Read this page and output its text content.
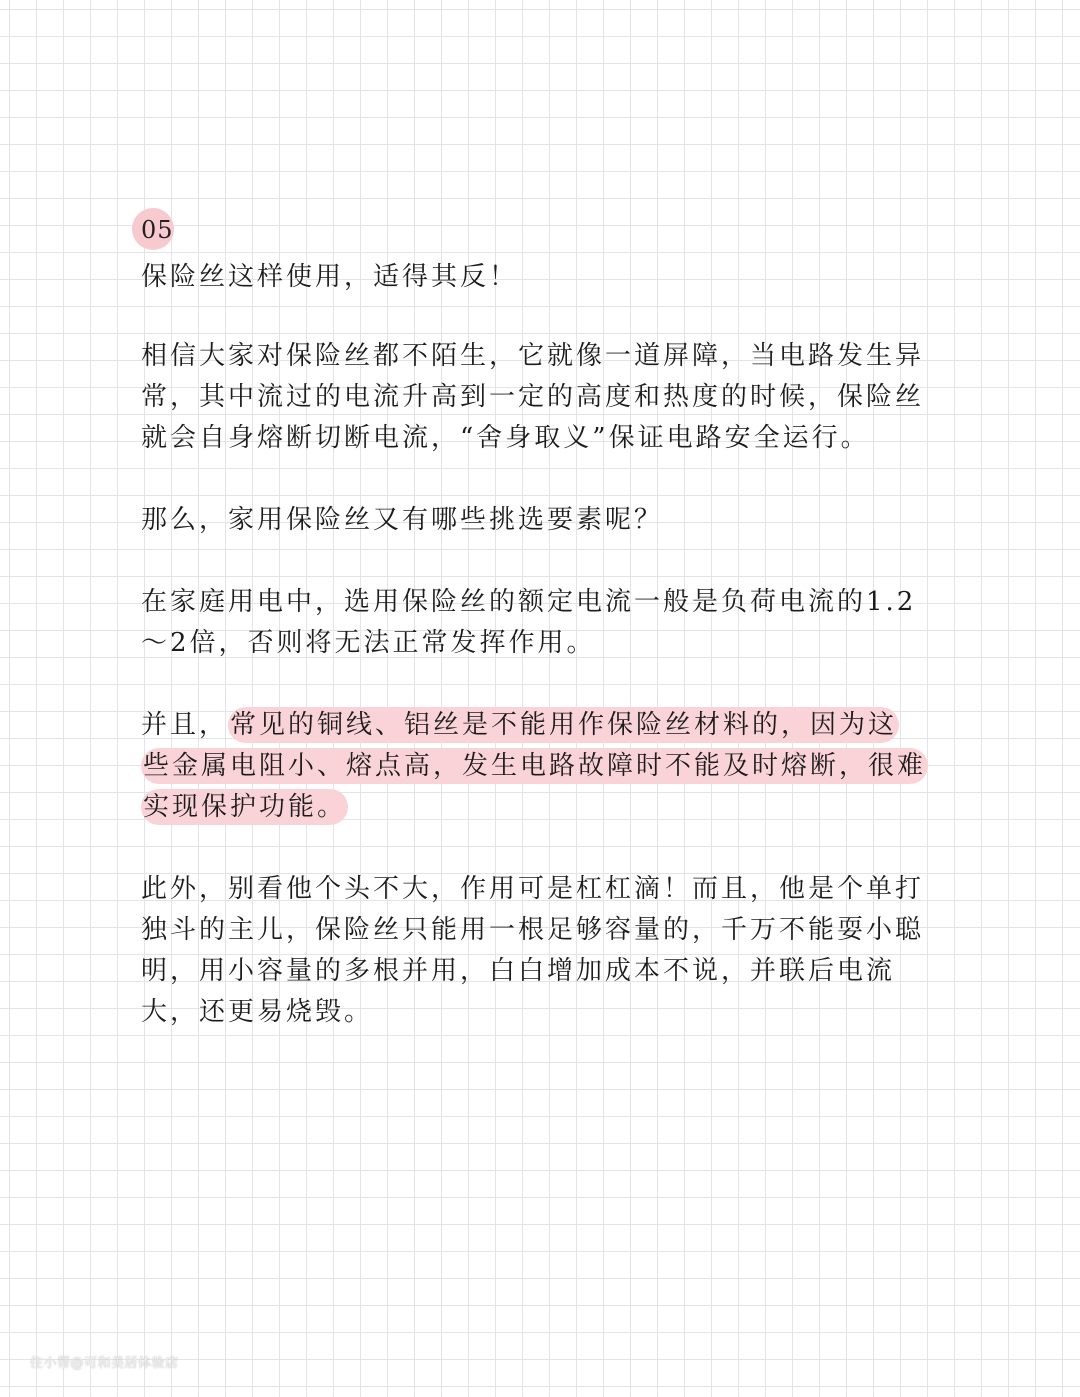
05

保险丝这样使用，适得其反！

相信大家对保险丝都不陌生，它就像一道屏障，当电路发生异常，其中流过的电流升高到一定的高度和热度的时候，保险丝就会自身熔断切断电流，“舍身取义”保证电路安全运行。

那么，家用保险丝又有哪些挑选要素呢？

在家庭用电中，选用保险丝的额定电流一般是负荷电流的1.2～2倍，否则将无法正常发挥作用。

并且，常见的铜线、铝丝是不能用作保险丝材料的，因为这些金属电阻小、熔点高，发生电路故障时不能及时熔断，很难实现保护功能。

此外，别看他个头不大，作用可是杠杠滴！而且，他是个单打独斗的主儿，保险丝只能用一根足够容量的，千万不能耍小聪明，用小容量的多根并用，白白增加成本不说，并联后电流大，还更易烧毁。

住小帮@可和美居体验店
